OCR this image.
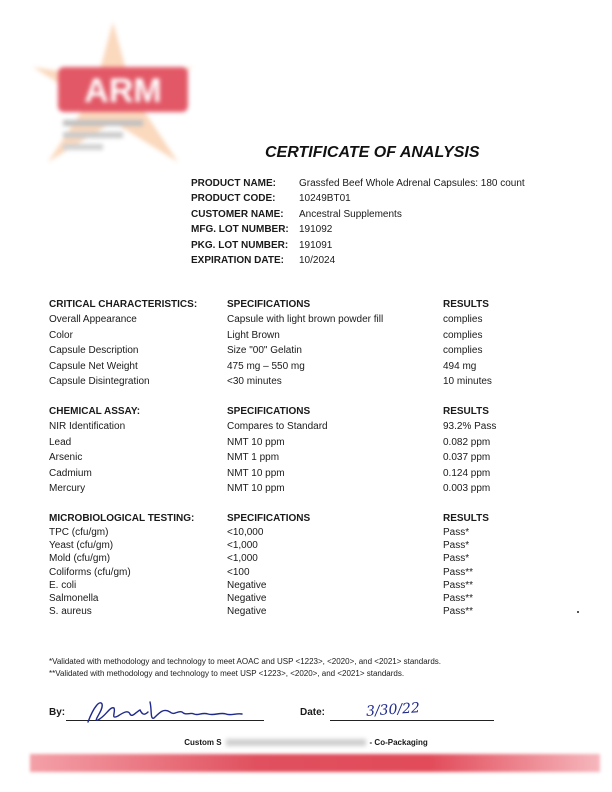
ARM
CERTIFICATE OF ANALYSIS
PRODUCT NAME:	Grassfed Beef Whole Adrenal Capsules: 180 count
PRODUCT CODE:	10249BT01
CUSTOMER NAME:	Ancestral Supplements
MFG. LOT NUMBER:	191092
PKG. LOT NUMBER:	191091
EXPIRATION DATE:	10/2024
CRITICAL CHARACTERISTICS:	SPECIFICATIONS	RESULTS
Overall Appearance	Capsule with light brown powder fill	complies
Color	Light Brown	complies
Capsule Description	Size "00" Gelatin	complies
Capsule Net Weight	475 mg – 550 mg	494 mg
Capsule Disintegration	<30 minutes	10 minutes
CHEMICAL ASSAY:	SPECIFICATIONS	RESULTS
NIR Identification	Compares to Standard	93.2% Pass
Lead	NMT 10 ppm	0.082 ppm
Arsenic	NMT 1 ppm	0.037 ppm
Cadmium	NMT 10 ppm	0.124 ppm
Mercury	NMT 10 ppm	0.003 ppm
MICROBIOLOGICAL TESTING:	SPECIFICATIONS	RESULTS
TPC (cfu/gm)	<10,000	Pass*
Yeast (cfu/gm)	<1,000	Pass*
Mold (cfu/gm)	<1,000	Pass*
Coliforms (cfu/gm)	<100	Pass**
E. coli	Negative	Pass**
Salmonella	Negative	Pass**
S. aureus	Negative	Pass**
*Validated with methodology and technology to meet AOAC and USP <1223>, <2020>, and <2021> standards.
**Validated with methodology and technology to meet USP <1223>, <2020>, and <2021> standards.
By:	Date:	3/30/22
Custom S	- Co-Packaging
